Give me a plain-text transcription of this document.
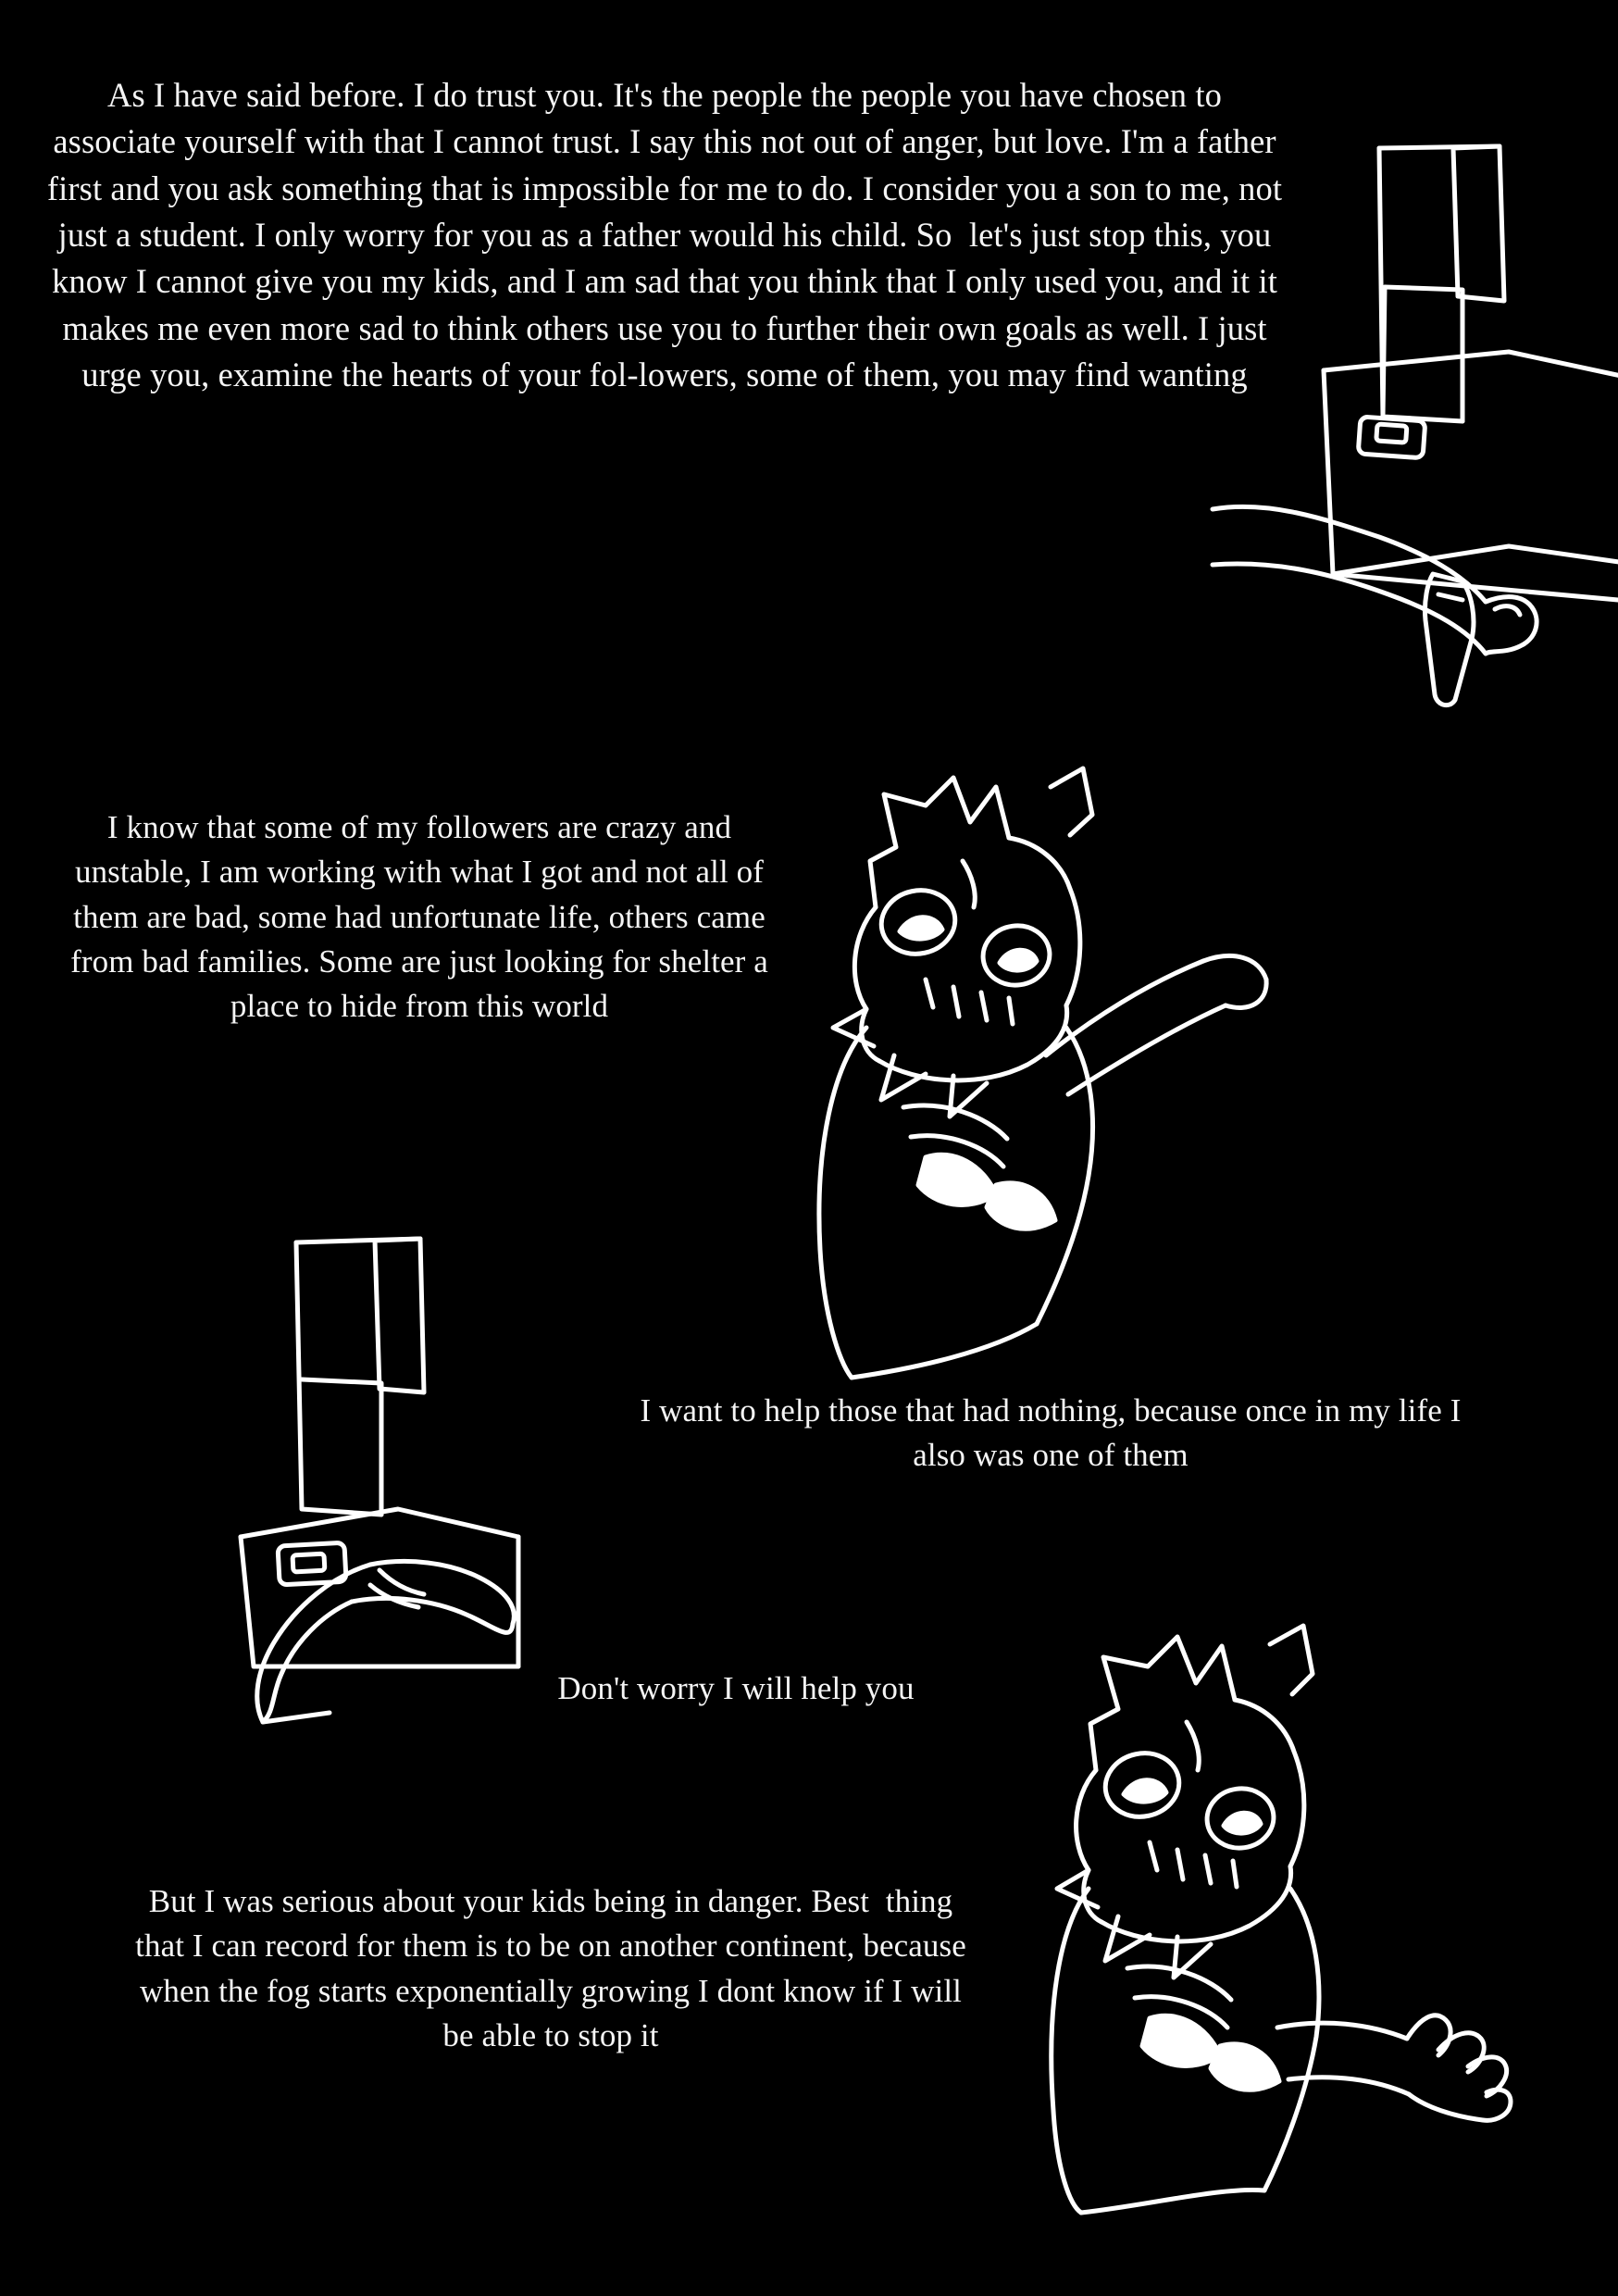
As I have said before. I do trust you. It's the people the people you have chosen to associate yourself with that I cannot trust. I say this not out of anger, but love. I'm a father first and you ask something that is impossible for me to do. I consider you a son to me, not  just a student. I only worry for you as a father would his child. So  let's just stop this, you know I cannot give you my kids, and I am sad that you think that I only used you, and it it makes me even more sad to think others use you to further their own goals as well. I just urge you, examine the hearts of your fol-lowers, some of them, you may find wanting
I know that some of my followers are crazy and unstable, I am working with what I got and not all of them are bad, some had unfortunate life, others came from bad families. Some are just looking for shelter a place to hide from this world
I want to help those that had nothing, because once in my life I also was one of them
Don't worry I will help you
But I was serious about your kids being in danger. Best  thing that I can record for them is to be on another continent, because when the fog starts exponentially growing I dont know if I will be able to stop it
